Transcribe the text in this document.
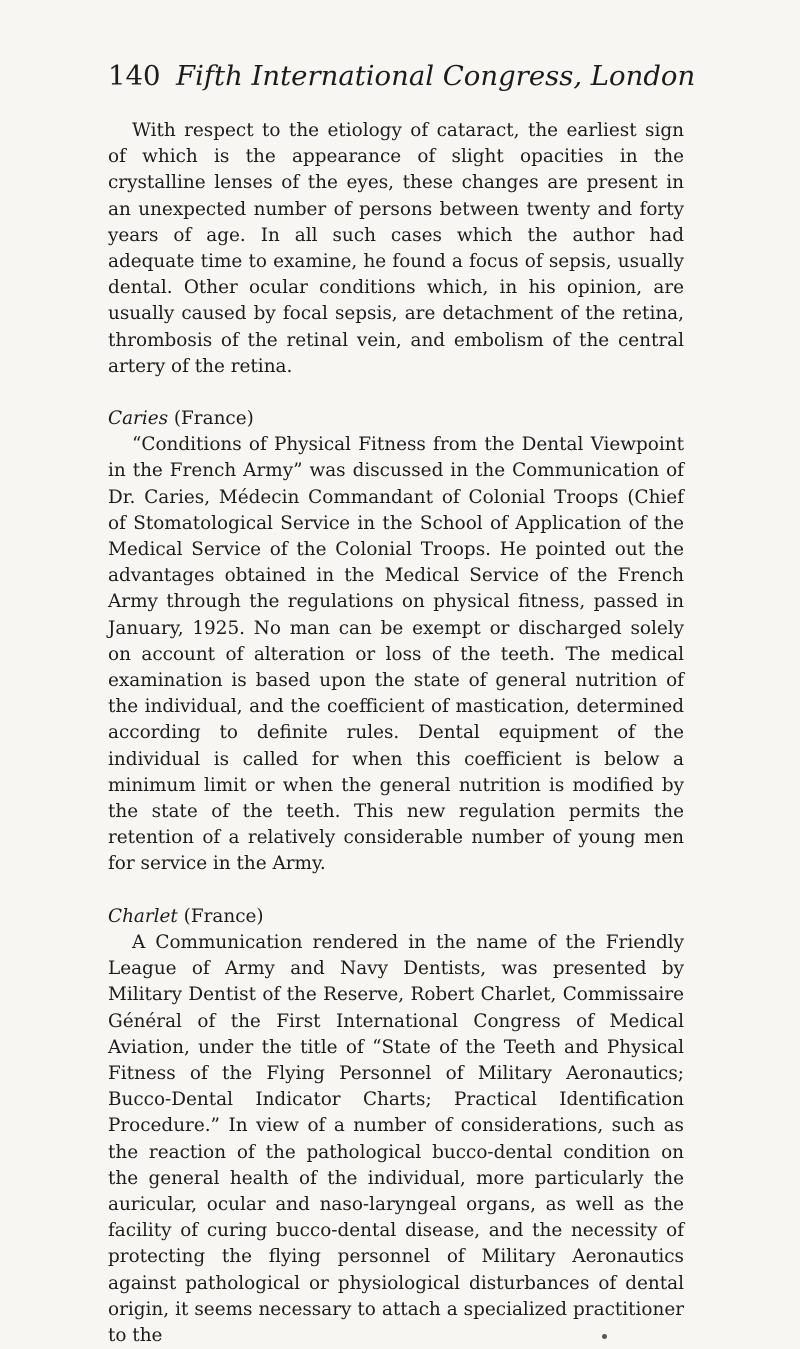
140 Fifth International Congress, London

With respect to the etiology of cataract, the earliest sign of which is the appearance of slight opacities in the crystalline lenses of the eyes, these changes are present in an unexpected number of persons between twenty and forty years of age. In all such cases which the author had adequate time to examine, he found a focus of sepsis, usually dental. Other ocular conditions which, in his opinion, are usually caused by focal sepsis, are detachment of the retina, thrombosis of the retinal vein, and embolism of the central artery of the retina.

Caries (France)

“Conditions of Physical Fitness from the Dental Viewpoint in the French Army” was discussed in the Communication of Dr. Caries, Médecin Commandant of Colonial Troops (Chief of Stomatological Service in the School of Application of the Medical Service of the Colonial Troops. He pointed out the advantages obtained in the Medical Service of the French Army through the regulations on physical fitness, passed in January, 1925. No man can be exempt or discharged solely on account of alteration or loss of the teeth. The medical examination is based upon the state of general nutrition of the individual, and the coefficient of mastication, determined according to definite rules. Dental equipment of the individual is called for when this coefficient is below a minimum limit or when the general nutrition is modified by the state of the teeth. This new regulation permits the retention of a relatively considerable number of young men for service in the Army.

Charlet (France)

A Communication rendered in the name of the Friendly League of Army and Navy Dentists, was presented by Military Dentist of the Reserve, Robert Charlet, Commissaire Général of the First International Congress of Medical Aviation, under the title of “State of the Teeth and Physical Fitness of the Flying Personnel of Military Aeronautics; Bucco-Dental Indicator Charts; Practical Identification Procedure.” In view of a number of considerations, such as the reaction of the pathological bucco-dental condition on the general health of the individual, more particularly the auricular, ocular and naso-laryngeal organs, as well as the facility of curing bucco-dental disease, and the necessity of protecting the flying personnel of Military Aeronautics against pathological or physiological disturbances of dental origin, it seems necessary to attach a specialized practitioner to the
